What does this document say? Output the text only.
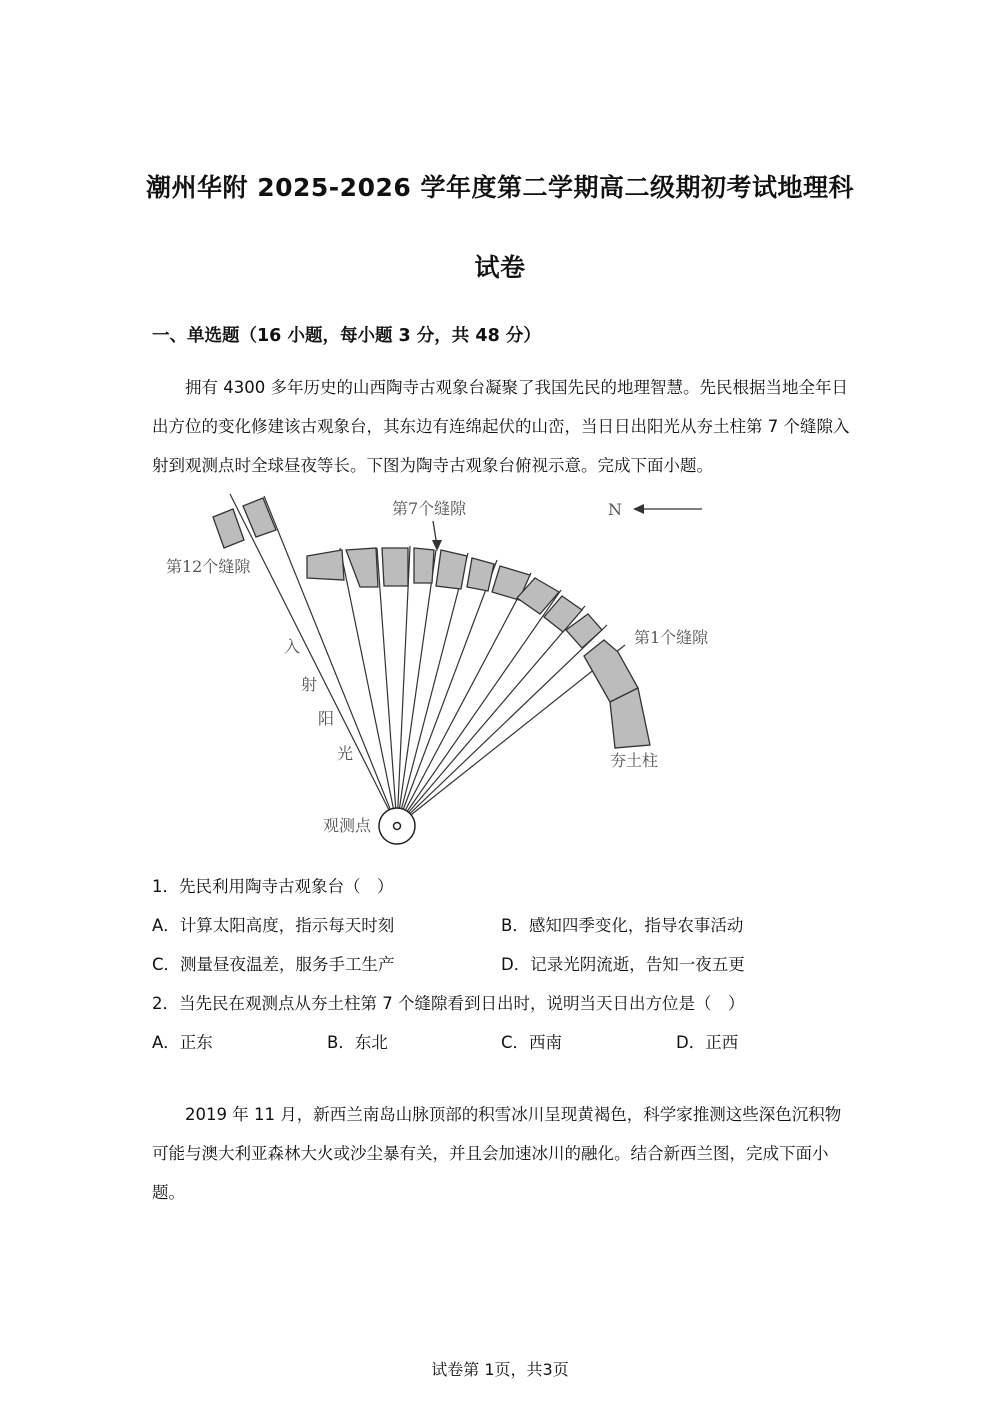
潮州华附 2025-2026 学年度第二学期高二级期初考试地理科
试卷
一、单选题（16 小题，每小题 3 分，共 48 分）
拥有 4300 多年历史的山西陶寺古观象台凝聚了我国先民的地理智慧。先民根据当地全年日出方位的变化修建该古观象台，其东边有连绵起伏的山峦，当日日出阳光从夯土柱第 7 个缝隙入射到观测点时全球昼夜等长。下图为陶寺古观象台俯视示意。完成下面小题。
N
第7个缝隙
第12个缝隙
第1个缝隙
夯土柱
入
射
阳
光
观测点
1．先民利用陶寺古观象台（　）
A．计算太阳高度，指示每天时刻	B．感知四季变化，指导农事活动
C．测量昼夜温差，服务手工生产	D．记录光阴流逝，告知一夜五更
2．当先民在观测点从夯土柱第 7 个缝隙看到日出时，说明当天日出方位是（　）
A．正东	B．东北	C．西南	D．正西
2019 年 11 月，新西兰南岛山脉顶部的积雪冰川呈现黄褐色，科学家推测这些深色沉积物可能与澳大利亚森林大火或沙尘暴有关，并且会加速冰川的融化。结合新西兰图，完成下面小题。
试卷第 1页，共3页
